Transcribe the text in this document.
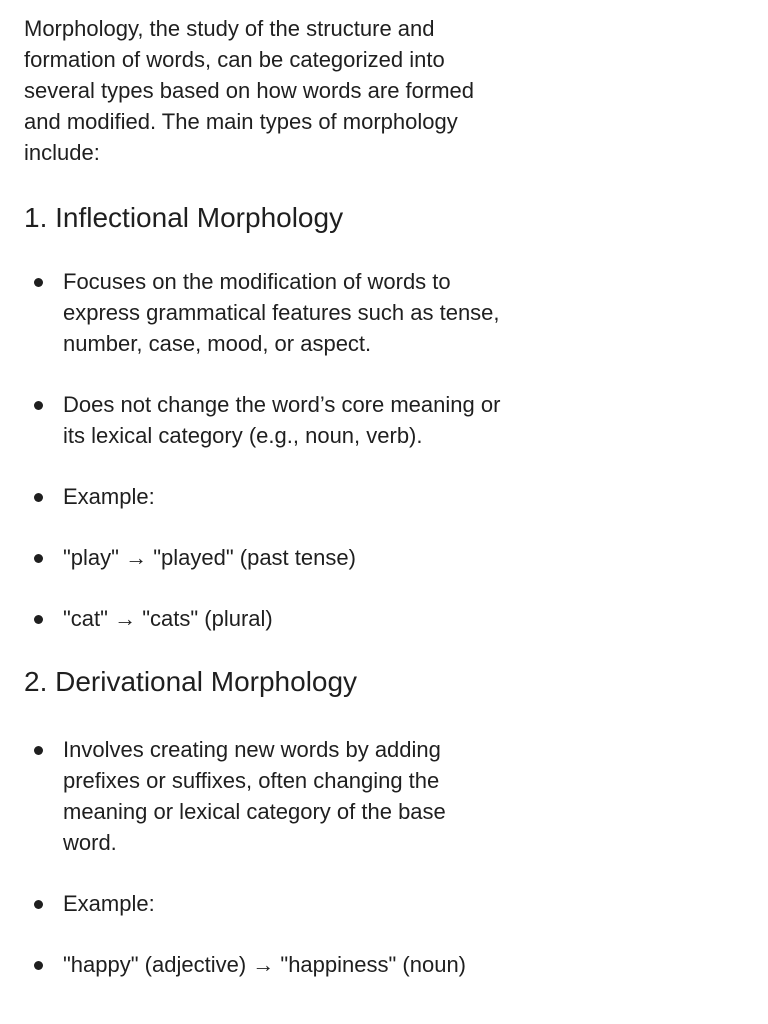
Morphology, the study of the structure and formation of words, can be categorized into several types based on how words are formed and modified. The main types of morphology include:

1. Inflectional Morphology
Focuses on the modification of words to express grammatical features such as tense, number, case, mood, or aspect.
Does not change the word’s core meaning or its lexical category (e.g., noun, verb).
Example:
"play" → "played" (past tense)
"cat" → "cats" (plural)
2. Derivational Morphology
Involves creating new words by adding prefixes or suffixes, often changing the meaning or lexical category of the base word.
Example:
"happy" (adjective) → "happiness" (noun)
